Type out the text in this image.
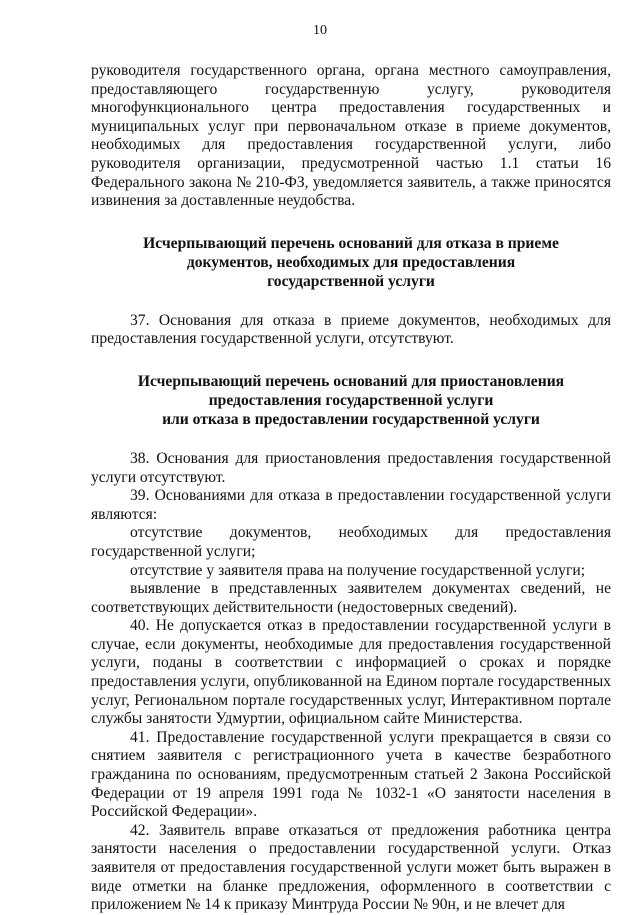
10

руководителя государственного органа, органа местного самоуправления, предоставляющего государственную услугу, руководителя многофункционального центра предоставления государственных и муниципальных услуг при первоначальном отказе в приеме документов, необходимых для предоставления государственной услуги, либо руководителя организации, предусмотренной частью 1.1 статьи 16 Федерального закона № 210-ФЗ, уведомляется заявитель, а также приносятся извинения за доставленные неудобства.

Исчерпывающий перечень оснований для отказа в приеме
документов, необходимых для предоставления
государственной услуги

37. Основания для отказа в приеме документов, необходимых для предоставления государственной услуги, отсутствуют.

Исчерпывающий перечень оснований для приостановления
предоставления государственной услуги
или отказа в предоставлении государственной услуги

38. Основания для приостановления предоставления государственной услуги отсутствуют.

39. Основаниями для отказа в предоставлении государственной услуги являются:

отсутствие документов, необходимых для предоставления государственной услуги;

отсутствие у заявителя права на получение государственной услуги;

выявление в представленных заявителем документах сведений, не соответствующих действительности (недостоверных сведений).

40. Не допускается отказ в предоставлении государственной услуги в случае, если документы, необходимые для предоставления государственной услуги, поданы в соответствии с информацией о сроках и порядке предоставления услуги, опубликованной на Едином портале государственных услуг, Региональном портале государственных услуг, Интерактивном портале службы занятости Удмуртии, официальном сайте Министерства.

41. Предоставление государственной услуги прекращается в связи со снятием заявителя с регистрационного учета в качестве безработного гражданина по основаниям, предусмотренным статьей 2 Закона Российской Федерации от 19 апреля 1991 года № 1032-1 «О занятости населения в Российской Федерации».

42. Заявитель вправе отказаться от предложения работника центра занятости населения о предоставлении государственной услуги. Отказ заявителя от предоставления государственной услуги может быть выражен в виде отметки на бланке предложения, оформленного в соответствии с приложением № 14 к приказу Минтруда России № 90н, и не влечет для
